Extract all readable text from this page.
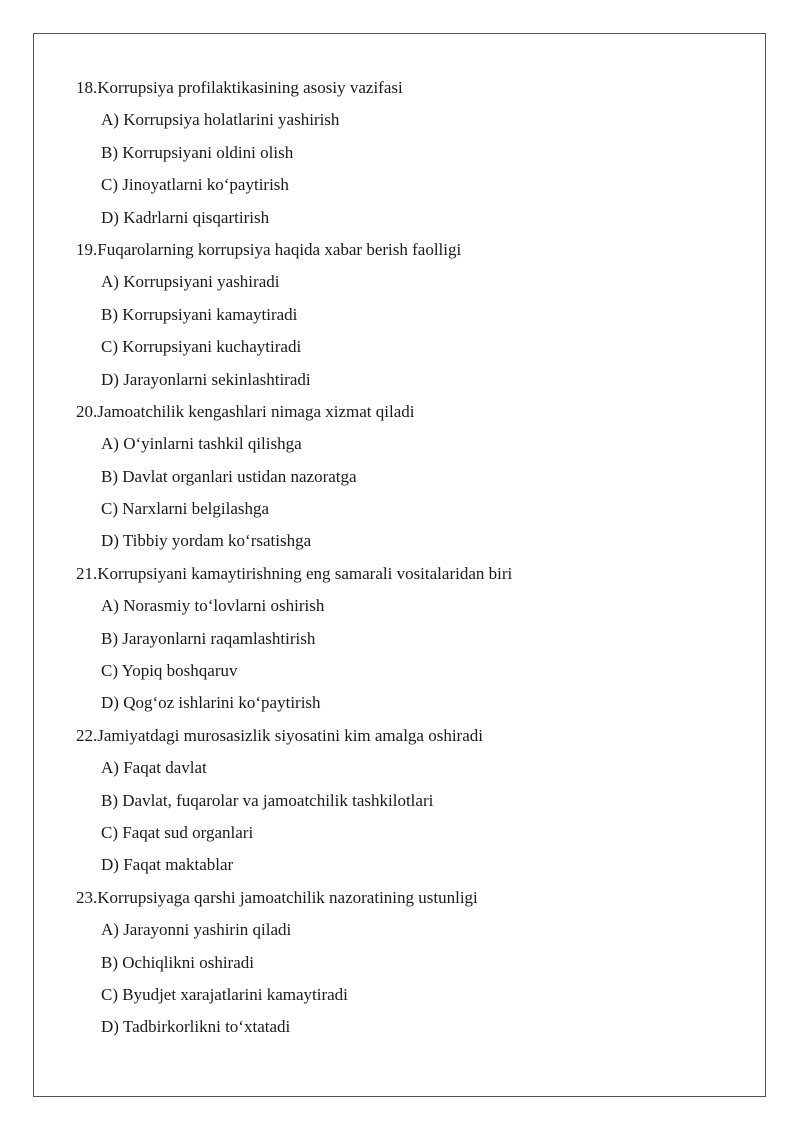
18.Korrupsiya profilaktikasining asosiy vazifasi
A) Korrupsiya holatlarini yashirish
B) Korrupsiyani oldini olish
C) Jinoyatlarni ko‘paytirish
D) Kadrlarni qisqartirish
19.Fuqarolarning korrupsiya haqida xabar berish faolligi
A) Korrupsiyani yashiradi
B) Korrupsiyani kamaytiradi
C) Korrupsiyani kuchaytiradi
D) Jarayonlarni sekinlashtiradi
20.Jamoatchilik kengashlari nimaga xizmat qiladi
A) O‘yinlarni tashkil qilishga
B) Davlat organlari ustidan nazoratga
C) Narxlarni belgilashga
D) Tibbiy yordam ko‘rsatishga
21.Korrupsiyani kamaytirishning eng samarali vositalaridan biri
A) Norasmiy to‘lovlarni oshirish
B) Jarayonlarni raqamlashtirish
C) Yopiq boshqaruv
D) Qog‘oz ishlarini ko‘paytirish
22.Jamiyatdagi murosasizlik siyosatini kim amalga oshiradi
A) Faqat davlat
B) Davlat, fuqarolar va jamoatchilik tashkilotlari
C) Faqat sud organlari
D) Faqat maktablar
23.Korrupsiyaga qarshi jamoatchilik nazoratining ustunligi
A) Jarayonni yashirin qiladi
B) Ochiqlikni oshiradi
C) Byudjet xarajatlarini kamaytiradi
D) Tadbirkorlikni to‘xtatadi
